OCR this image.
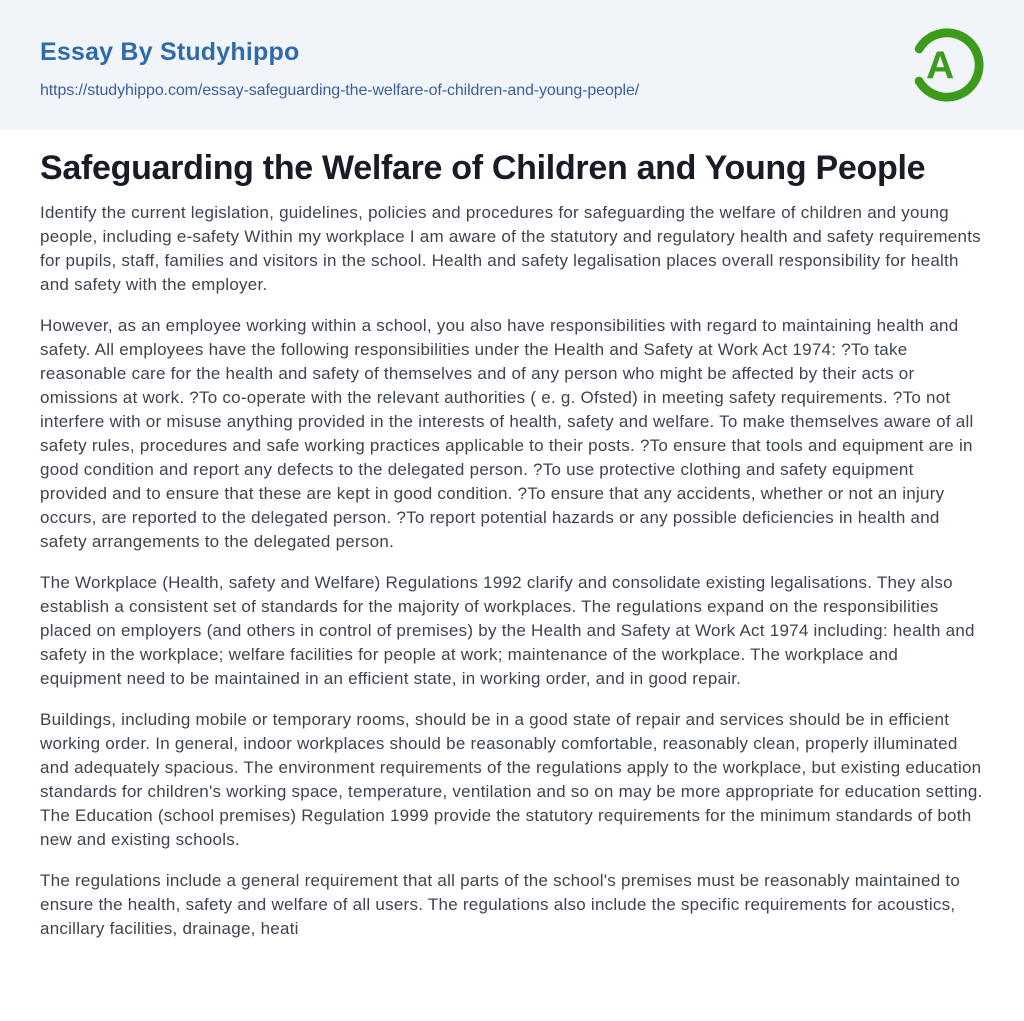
Essay By Studyhippo
https://studyhippo.com/essay-safeguarding-the-welfare-of-children-and-young-people/
A
Safeguarding the Welfare of Children and Young People

Identify the current legislation, guidelines, policies and procedures for safeguarding the welfare of children and young people, including e-safety Within my workplace I am aware of the statutory and regulatory health and safety requirements for pupils, staff, families and visitors in the school. Health and safety legalisation places overall responsibility for health and safety with the employer.

However, as an employee working within a school, you also have responsibilities with regard to maintaining health and safety. All employees have the following responsibilities under the Health and Safety at Work Act 1974: ?To take reasonable care for the health and safety of themselves and of any person who might be affected by their acts or omissions at work. ?To co-operate with the relevant authorities ( e. g. Ofsted) in meeting safety requirements. ?To not interfere with or misuse anything provided in the interests of health, safety and welfare. To make themselves aware of all safety rules, procedures and safe working practices applicable to their posts. ?To ensure that tools and equipment are in good condition and report any defects to the delegated person. ?To use protective clothing and safety equipment provided and to ensure that these are kept in good condition. ?To ensure that any accidents, whether or not an injury occurs, are reported to the delegated person. ?To report potential hazards or any possible deficiencies in health and safety arrangements to the delegated person.

The Workplace (Health, safety and Welfare) Regulations 1992 clarify and consolidate existing legalisations. They also establish a consistent set of standards for the majority of workplaces. The regulations expand on the responsibilities placed on employers (and others in control of premises) by the Health and Safety at Work Act 1974 including: health and safety in the workplace; welfare facilities for people at work; maintenance of the workplace. The workplace and equipment need to be maintained in an efficient state, in working order, and in good repair.

Buildings, including mobile or temporary rooms, should be in a good state of repair and services should be in efficient working order. In general, indoor workplaces should be reasonably comfortable, reasonably clean, properly illuminated and adequately spacious. The environment requirements of the regulations apply to the workplace, but existing education standards for children's working space, temperature, ventilation and so on may be more appropriate for education setting. The Education (school premises) Regulation 1999 provide the statutory requirements for the minimum standards of both new and existing schools.

The regulations include a general requirement that all parts of the school's premises must be reasonably maintained to ensure the health, safety and welfare of all users. The regulations also include the specific requirements for acoustics, ancillary facilities, drainage, heati
